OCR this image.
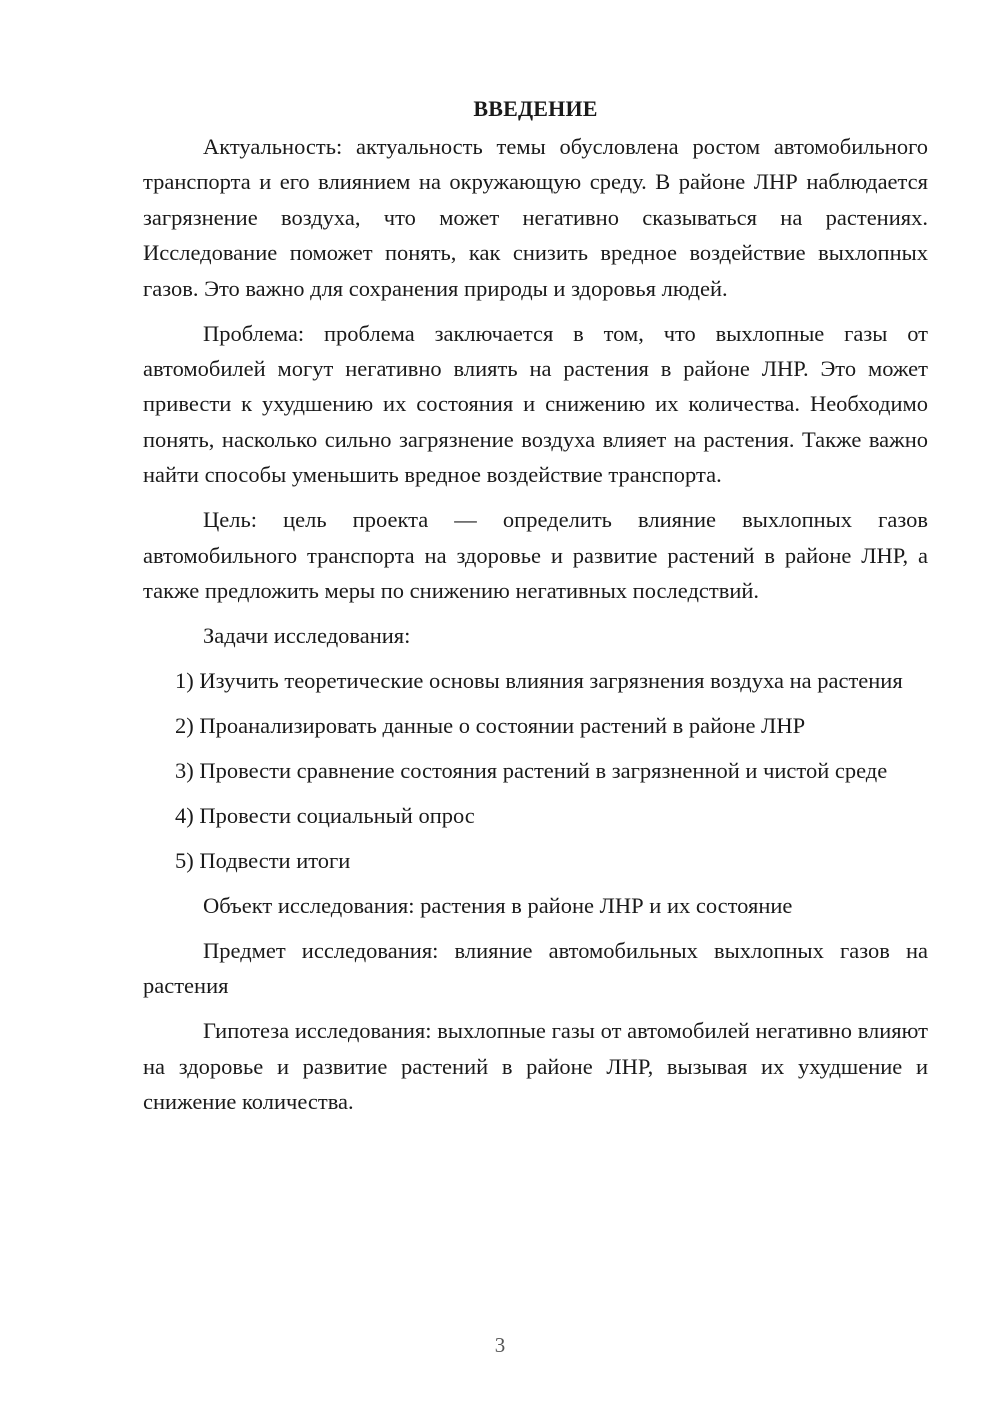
ВВЕДЕНИЕ

Актуальность: актуальность темы обусловлена ростом автомобильного транспорта и его влиянием на окружающую среду. В районе ЛНР наблюдается загрязнение воздуха, что может негативно сказываться на растениях. Исследование поможет понять, как снизить вредное воздействие выхлопных газов. Это важно для сохранения природы и здоровья людей.

Проблема: проблема заключается в том, что выхлопные газы от автомобилей могут негативно влиять на растения в районе ЛНР. Это может привести к ухудшению их состояния и снижению их количества. Необходимо понять, насколько сильно загрязнение воздуха влияет на растения. Также важно найти способы уменьшить вредное воздействие транспорта.

Цель: цель проекта — определить влияние выхлопных газов автомобильного транспорта на здоровье и развитие растений в районе ЛНР, а также предложить меры по снижению негативных последствий.

Задачи исследования:

1) Изучить теоретические основы влияния загрязнения воздуха на растения

2) Проанализировать данные о состоянии растений в районе ЛНР

3) Провести сравнение состояния растений в загрязненной и чистой среде

4) Провести социальный опрос

5) Подвести итоги

Объект исследования: растения в районе ЛНР и их состояние

Предмет исследования: влияние автомобильных выхлопных газов на растения

Гипотеза исследования: выхлопные газы от автомобилей негативно влияют на здоровье и развитие растений в районе ЛНР, вызывая их ухудшение и снижение количества.

3
